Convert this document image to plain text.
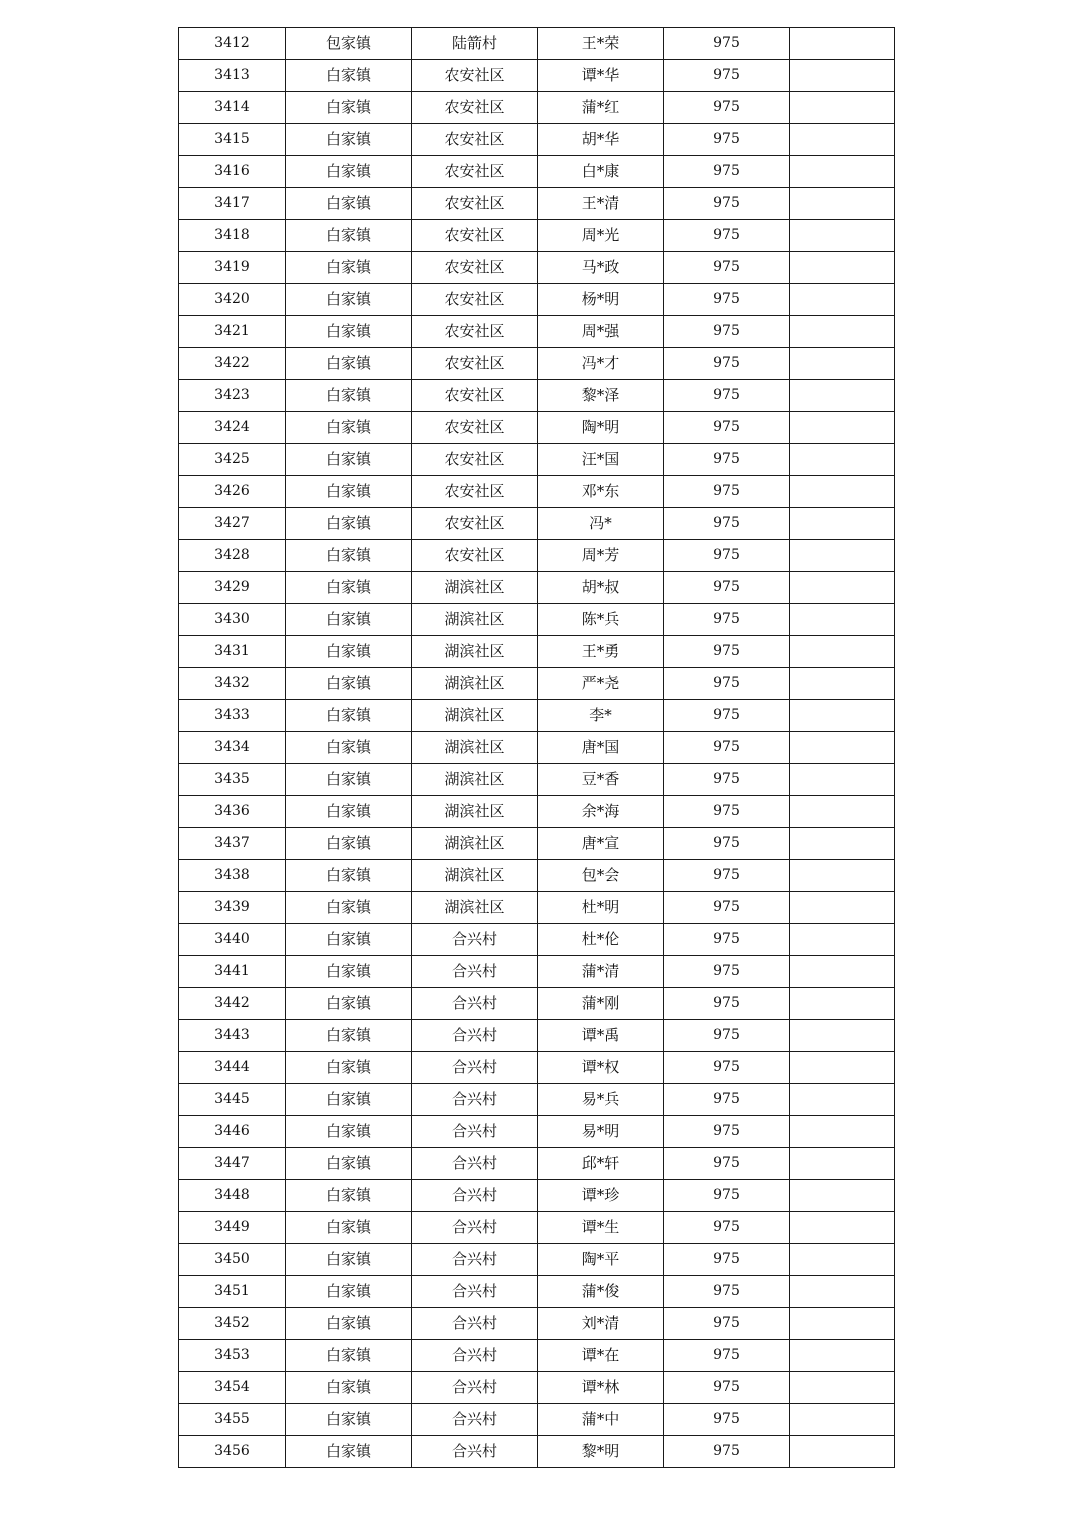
3412	包家镇	陆箭村	王*荣	975	
3413	白家镇	农安社区	谭*华	975	
3414	白家镇	农安社区	蒲*红	975	
3415	白家镇	农安社区	胡*华	975	
3416	白家镇	农安社区	白*康	975	
3417	白家镇	农安社区	王*清	975	
3418	白家镇	农安社区	周*光	975	
3419	白家镇	农安社区	马*政	975	
3420	白家镇	农安社区	杨*明	975	
3421	白家镇	农安社区	周*强	975	
3422	白家镇	农安社区	冯*才	975	
3423	白家镇	农安社区	黎*泽	975	
3424	白家镇	农安社区	陶*明	975	
3425	白家镇	农安社区	汪*国	975	
3426	白家镇	农安社区	邓*东	975	
3427	白家镇	农安社区	冯*	975	
3428	白家镇	农安社区	周*芳	975	
3429	白家镇	湖滨社区	胡*叔	975	
3430	白家镇	湖滨社区	陈*兵	975	
3431	白家镇	湖滨社区	王*勇	975	
3432	白家镇	湖滨社区	严*尧	975	
3433	白家镇	湖滨社区	李*	975	
3434	白家镇	湖滨社区	唐*国	975	
3435	白家镇	湖滨社区	豆*香	975	
3436	白家镇	湖滨社区	余*海	975	
3437	白家镇	湖滨社区	唐*宣	975	
3438	白家镇	湖滨社区	包*会	975	
3439	白家镇	湖滨社区	杜*明	975	
3440	白家镇	合兴村	杜*伦	975	
3441	白家镇	合兴村	蒲*清	975	
3442	白家镇	合兴村	蒲*刚	975	
3443	白家镇	合兴村	谭*禹	975	
3444	白家镇	合兴村	谭*权	975	
3445	白家镇	合兴村	易*兵	975	
3446	白家镇	合兴村	易*明	975	
3447	白家镇	合兴村	邱*轩	975	
3448	白家镇	合兴村	谭*珍	975	
3449	白家镇	合兴村	谭*生	975	
3450	白家镇	合兴村	陶*平	975	
3451	白家镇	合兴村	蒲*俊	975	
3452	白家镇	合兴村	刘*清	975	
3453	白家镇	合兴村	谭*在	975	
3454	白家镇	合兴村	谭*林	975	
3455	白家镇	合兴村	蒲*中	975	
3456	白家镇	合兴村	黎*明	975	
